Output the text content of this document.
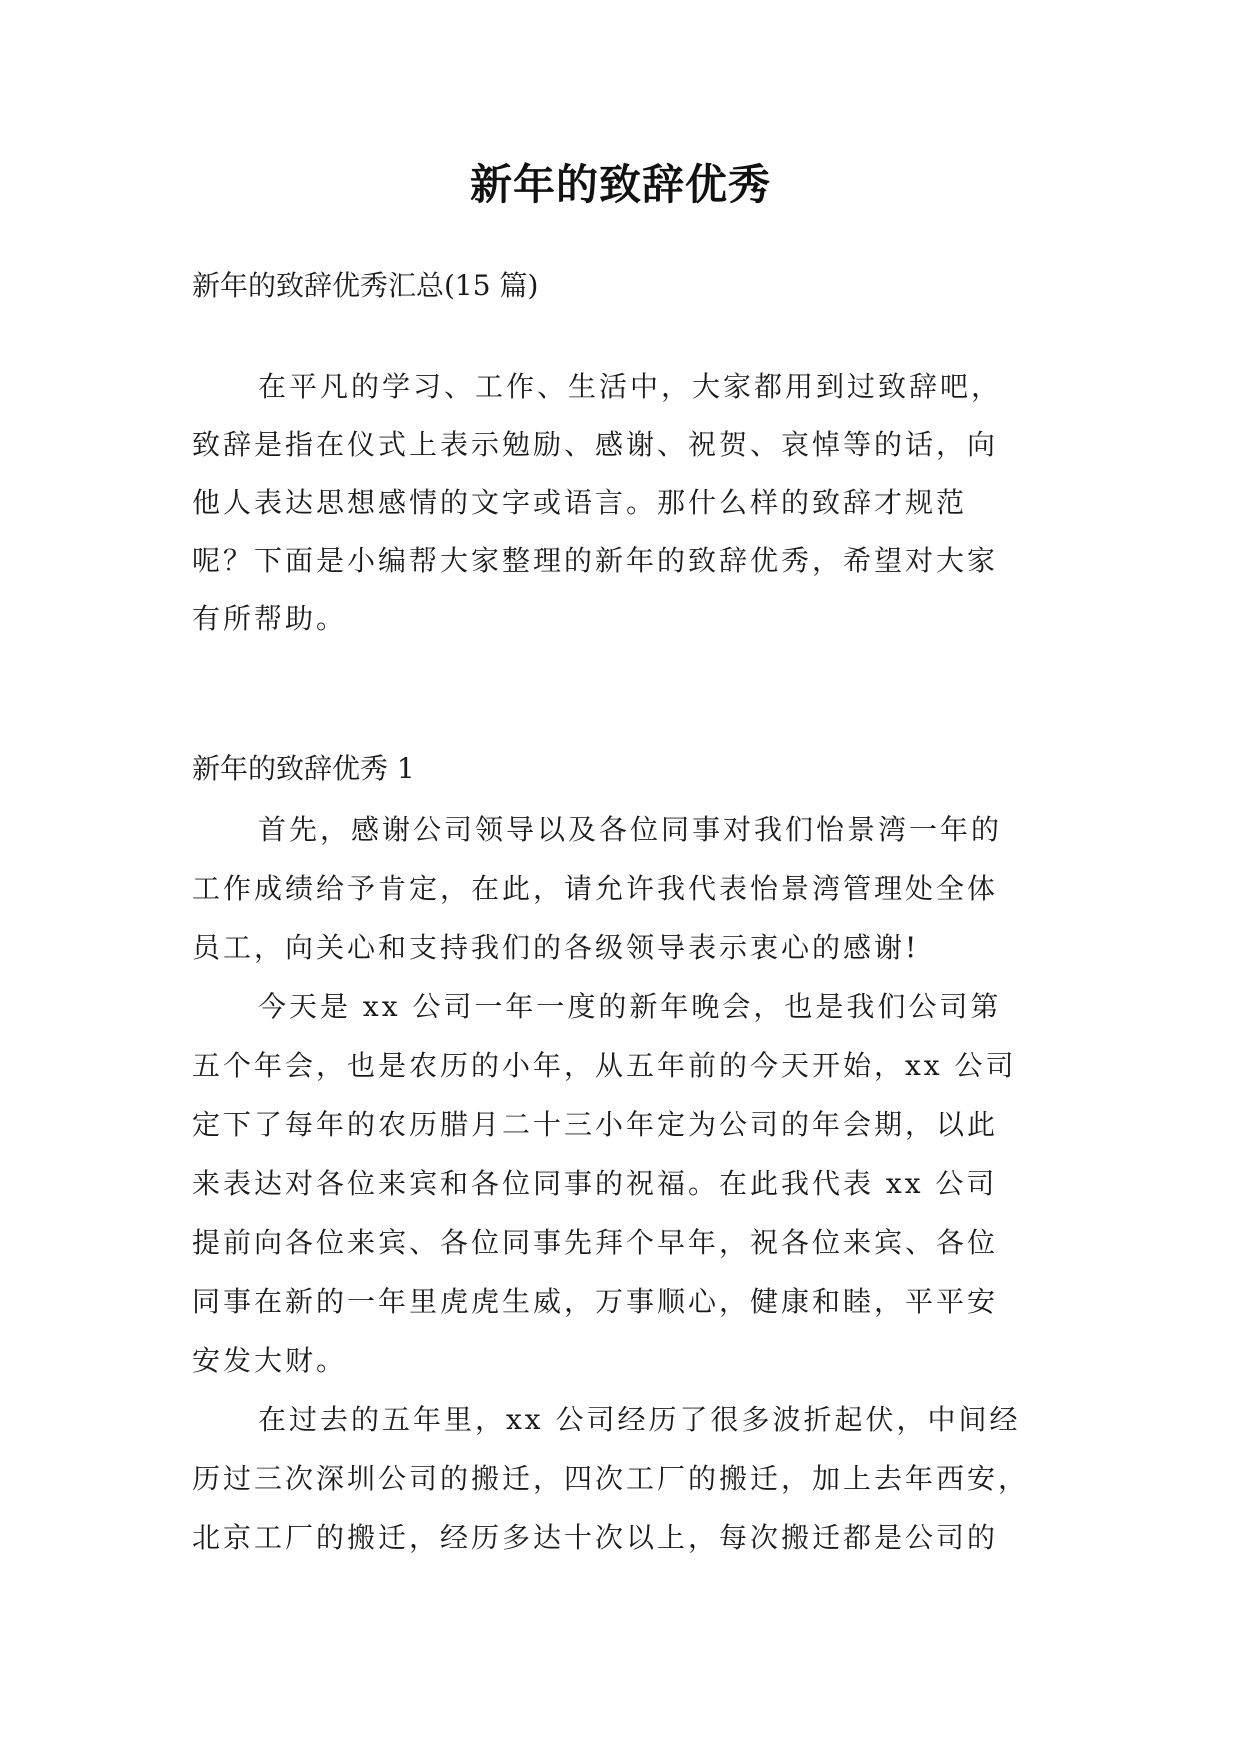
新年的致辞优秀
新年的致辞优秀汇总(15 篇)
在平凡的学习、工作、生活中，大家都用到过致辞吧，
致辞是指在仪式上表示勉励、感谢、祝贺、哀悼等的话，向
他人表达思想感情的文字或语言。那什么样的致辞才规范
呢？下面是小编帮大家整理的新年的致辞优秀，希望对大家
有所帮助。
新年的致辞优秀 1
首先，感谢公司领导以及各位同事对我们怡景湾一年的
工作成绩给予肯定，在此，请允许我代表怡景湾管理处全体
员工，向关心和支持我们的各级领导表示衷心的感谢!
今天是 xx 公司一年一度的新年晚会，也是我们公司第
五个年会，也是农历的小年，从五年前的今天开始，xx 公司
定下了每年的农历腊月二十三小年定为公司的年会期，以此
来表达对各位来宾和各位同事的祝福。在此我代表 xx 公司
提前向各位来宾、各位同事先拜个早年，祝各位来宾、各位
同事在新的一年里虎虎生威，万事顺心，健康和睦，平平安
安发大财。
在过去的五年里，xx 公司经历了很多波折起伏，中间经
历过三次深圳公司的搬迁，四次工厂的搬迁，加上去年西安，
北京工厂的搬迁，经历多达十次以上，每次搬迁都是公司的
